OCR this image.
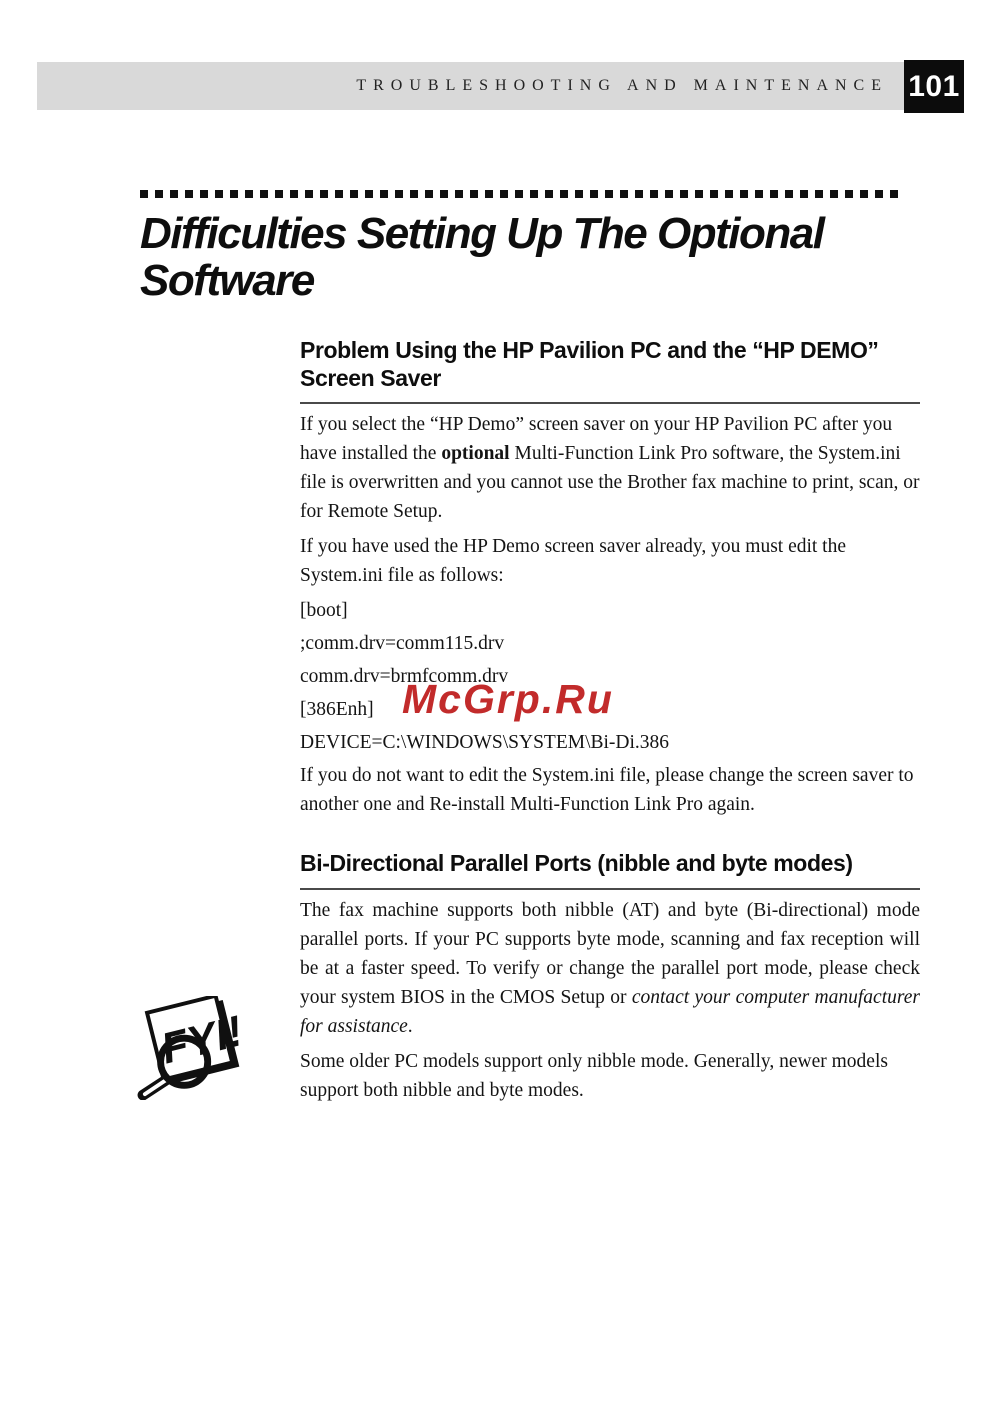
TROUBLESHOOTING AND MAINTENANCE 101
Difficulties Setting Up The Optional Software
Problem Using the HP Pavilion PC and the “HP DEMO” Screen Saver

If you select the “HP Demo” screen saver on your HP Pavilion PC after you have installed the optional Multi-Function Link Pro software, the System.ini file is overwritten and you cannot use the Brother fax machine to print, scan, or for Remote Setup.

If you have used the HP Demo screen saver already, you must edit the System.ini file as follows:

[boot]

;comm.drv=comm115.drv

comm.drv=brmfcomm.drv

[386Enh]

DEVICE=C:\WINDOWS\SYSTEM\Bi-Di.386

If you do not want to edit the System.ini file, please change the screen saver to another one and Re-install Multi-Function Link Pro again.

Bi-Directional Parallel Ports (nibble and byte modes)

The fax machine supports both nibble (AT) and byte (Bi-directional) mode parallel ports. If your PC supports byte mode, scanning and fax reception will be at a faster speed. To verify or change the parallel port mode, please check your system BIOS in the CMOS Setup or contact your computer manufacturer for assistance.

Some older PC models support only nibble mode. Generally, newer models support both nibble and byte modes.

McGrp.Ru
FYI!
